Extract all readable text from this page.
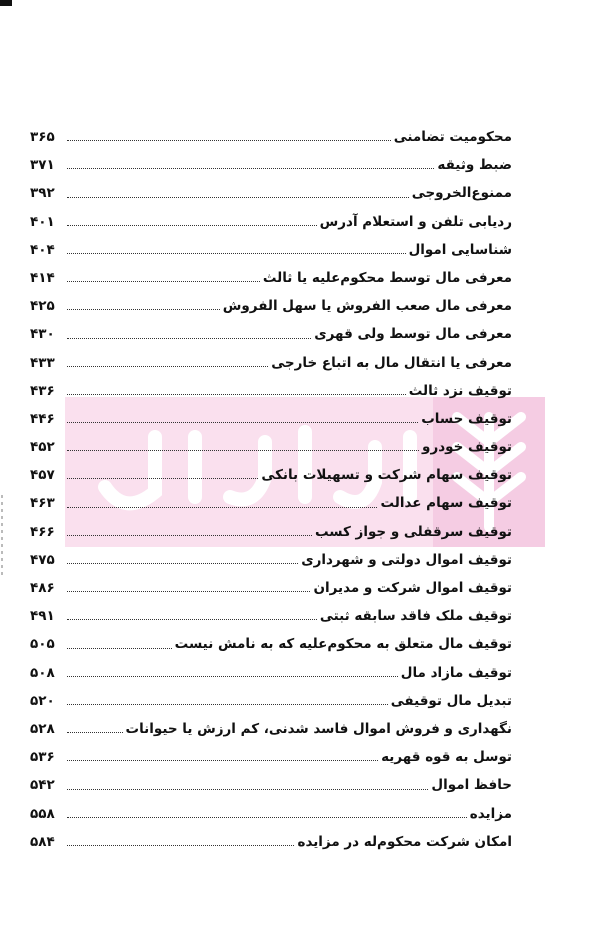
محکومیت تضامنی
۳۶۵
ضبط وثیقه
۳۷۱
ممنوع‌الخروجی
۳۹۲
ردیابی تلفن و استعلام آدرس
۴۰۱
شناسایی اموال
۴۰۴
معرفی مال توسط محکوم‌علیه یا ثالث
۴۱۴
معرفی مال صعب الفروش یا سهل الفروش
۴۲۵
معرفی مال توسط ولی قهری
۴۳۰
معرفی یا انتقال مال به اتباع خارجی
۴۳۳
توقیف نزد ثالث
۴۳۶
توقیف حساب
۴۴۶
توقیف خودرو
۴۵۲
توقیف سهام شرکت و تسهیلات بانکی
۴۵۷
توقیف سهام عدالت
۴۶۳
توقیف سرقفلی و جواز کسب
۴۶۶
توقیف اموال دولتی و شهرداری
۴۷۵
توقیف اموال شرکت و مدیران
۴۸۶
توقیف ملک فاقد سابقه ثبتی
۴۹۱
توقیف مال متعلق به محکوم‌علیه که به نامش نیست
۵۰۵
توقیف مازاد مال
۵۰۸
تبدیل مال توقیفی
۵۲۰
نگهداری و فروش اموال فاسد شدنی، کم ارزش یا حیوانات
۵۲۸
توسل به قوه قهریه
۵۳۶
حافظ اموال
۵۴۲
مزایده
۵۵۸
امکان شرکت محکوم‌له در مزایده
۵۸۴
